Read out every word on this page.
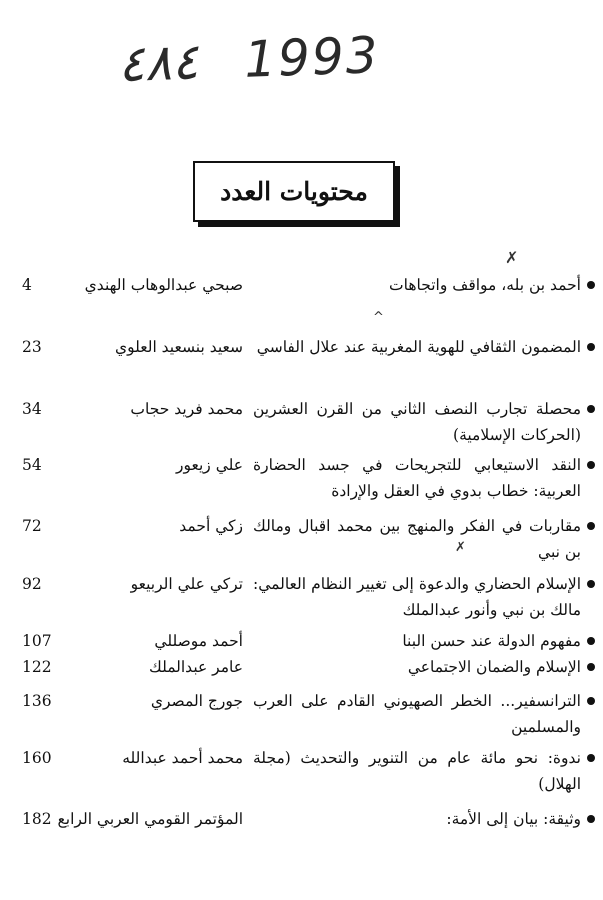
٤٨٤ 1993
محتويات العدد
✗
^
✗
أحمد بن بله، مواقف واتجاهات
صبحي عبدالوهاب الهندي
4
المضمون الثقافي للهوية المغربية عند علال الفاسي
سعيد بنسعيد العلوي
23
محصلة تجارب النصف الثاني من القرن العشرين (الحركات الإسلامية)
محمد فريد حجاب
34
النقد الاستيعابي للتجريحات في جسد الحضارة العربية: خطاب بدوي في العقل والإرادة
علي زيعور
54
مقاربات في الفكر والمنهج بين محمد اقبال ومالك بن نبي
زكي أحمد
72
الإسلام الحضاري والدعوة إلى تغيير النظام العالمي: مالك بن نبي وأنور عبدالملك
تركي علي الربيعو
92
مفهوم الدولة عند حسن البنا
أحمد موصللي
107
الإسلام والضمان الاجتماعي
عامر عبدالملك
122
الترانسفير... الخطر الصهيوني القادم على العرب والمسلمين
جورج المصري
136
ندوة: نحو مائة عام من التنوير والتحديث (مجلة الهلال)
محمد أحمد عبدالله
160
وثيقة: بيان إلى الأمة:
المؤتمر القومي العربي الرابع
182
